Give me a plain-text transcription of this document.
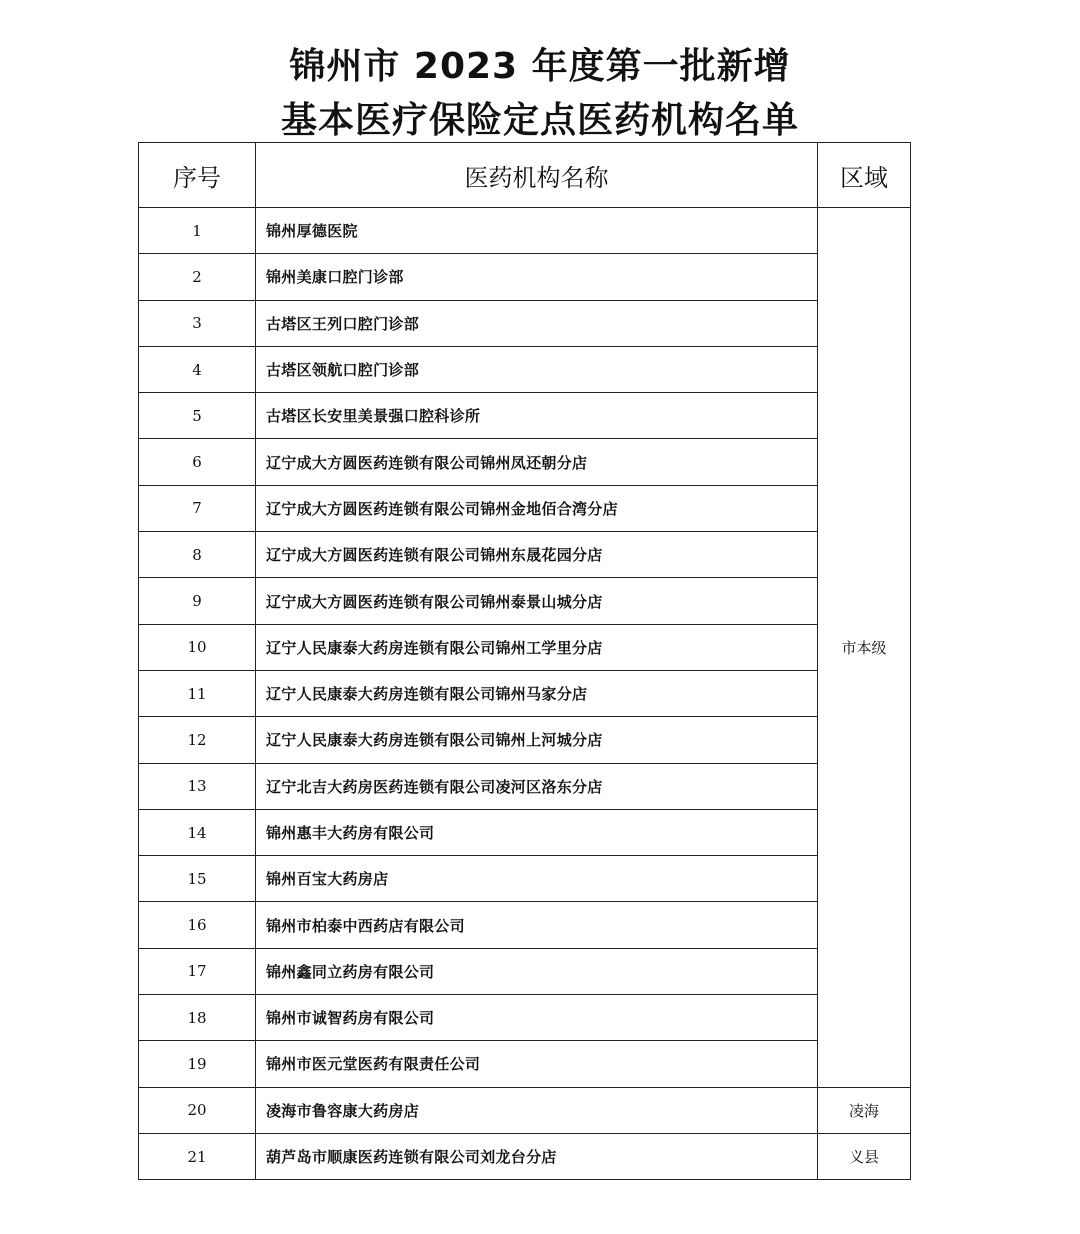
锦州市 2023 年度第一批新增
基本医疗保险定点医药机构名单
序号	医药机构名称	区域
1	锦州厚德医院	市本级
2	锦州美康口腔门诊部	
3	古塔区王列口腔门诊部	
4	古塔区领航口腔门诊部	
5	古塔区长安里美景强口腔科诊所	
6	辽宁成大方圆医药连锁有限公司锦州凤还朝分店	
7	辽宁成大方圆医药连锁有限公司锦州金地佰合湾分店	
8	辽宁成大方圆医药连锁有限公司锦州东晟花园分店	
9	辽宁成大方圆医药连锁有限公司锦州泰景山城分店	
10	辽宁人民康泰大药房连锁有限公司锦州工学里分店	
11	辽宁人民康泰大药房连锁有限公司锦州马家分店	
12	辽宁人民康泰大药房连锁有限公司锦州上河城分店	
13	辽宁北吉大药房医药连锁有限公司凌河区洛东分店	
14	锦州惠丰大药房有限公司	
15	锦州百宝大药房店	
16	锦州市柏泰中西药店有限公司	
17	锦州鑫同立药房有限公司	
18	锦州市诚智药房有限公司	
19	锦州市医元堂医药有限责任公司	
20	凌海市鲁容康大药房店	凌海
21	葫芦岛市顺康医药连锁有限公司刘龙台分店	义县
